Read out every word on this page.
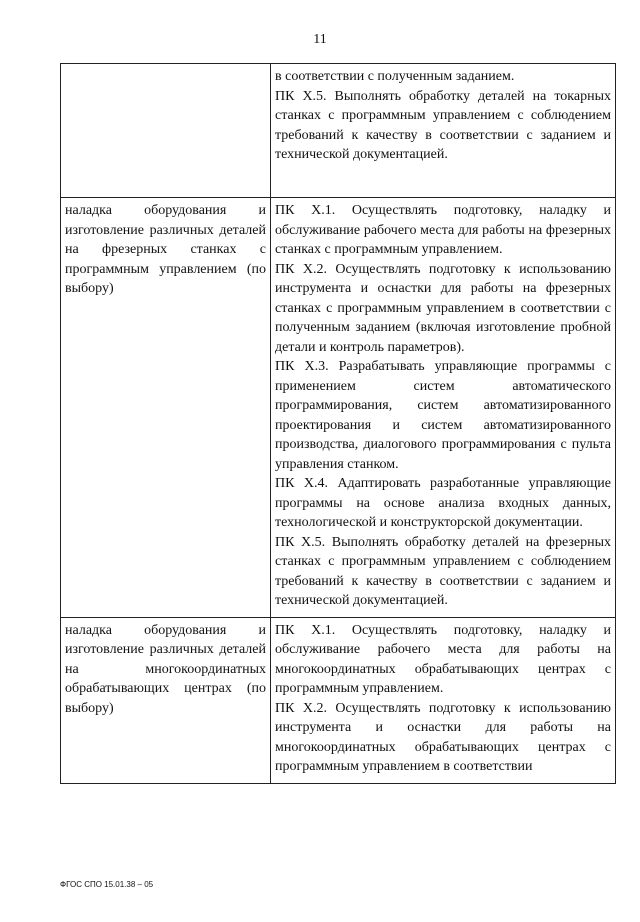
11

	в соответствии с полученным заданием.
ПК X.5. Выполнять обработку деталей на токарных станках с программным управлением с соблюдением требований к качеству в соответствии с заданием и технической документацией.

наладка оборудования и изготовление различных деталей на фрезерных станках с программным управлением (по выбору)	ПК X.1. Осуществлять подготовку, наладку и обслуживание рабочего места для работы на фрезерных станках с программным управлением.
ПК X.2. Осуществлять подготовку к использованию инструмента и оснастки для работы на фрезерных станках с программным управлением в соответствии с полученным заданием (включая изготовление пробной детали и контроль параметров).
ПК X.3. Разрабатывать управляющие программы с применением систем автоматического программирования, систем автоматизированного проектирования и систем автоматизированного производства, диалогового программирования с пульта управления станком.
ПК X.4. Адаптировать разработанные управляющие программы на основе анализа входных данных, технологической и конструкторской документации.
ПК X.5. Выполнять обработку деталей на фрезерных станках с программным управлением с соблюдением требований к качеству в соответствии с заданием и технической документацией.

наладка оборудования и изготовление различных деталей на многокоординатных обрабатывающих центрах (по выбору)	ПК X.1. Осуществлять подготовку, наладку и обслуживание рабочего места для работы на многокоординатных обрабатывающих центрах с программным управлением.
ПК X.2. Осуществлять подготовку к использованию инструмента и оснастки для работы на многокоординатных обрабатывающих центрах с программным управлением в соответствии
ФГОС СПО 15.01.38 – 05
